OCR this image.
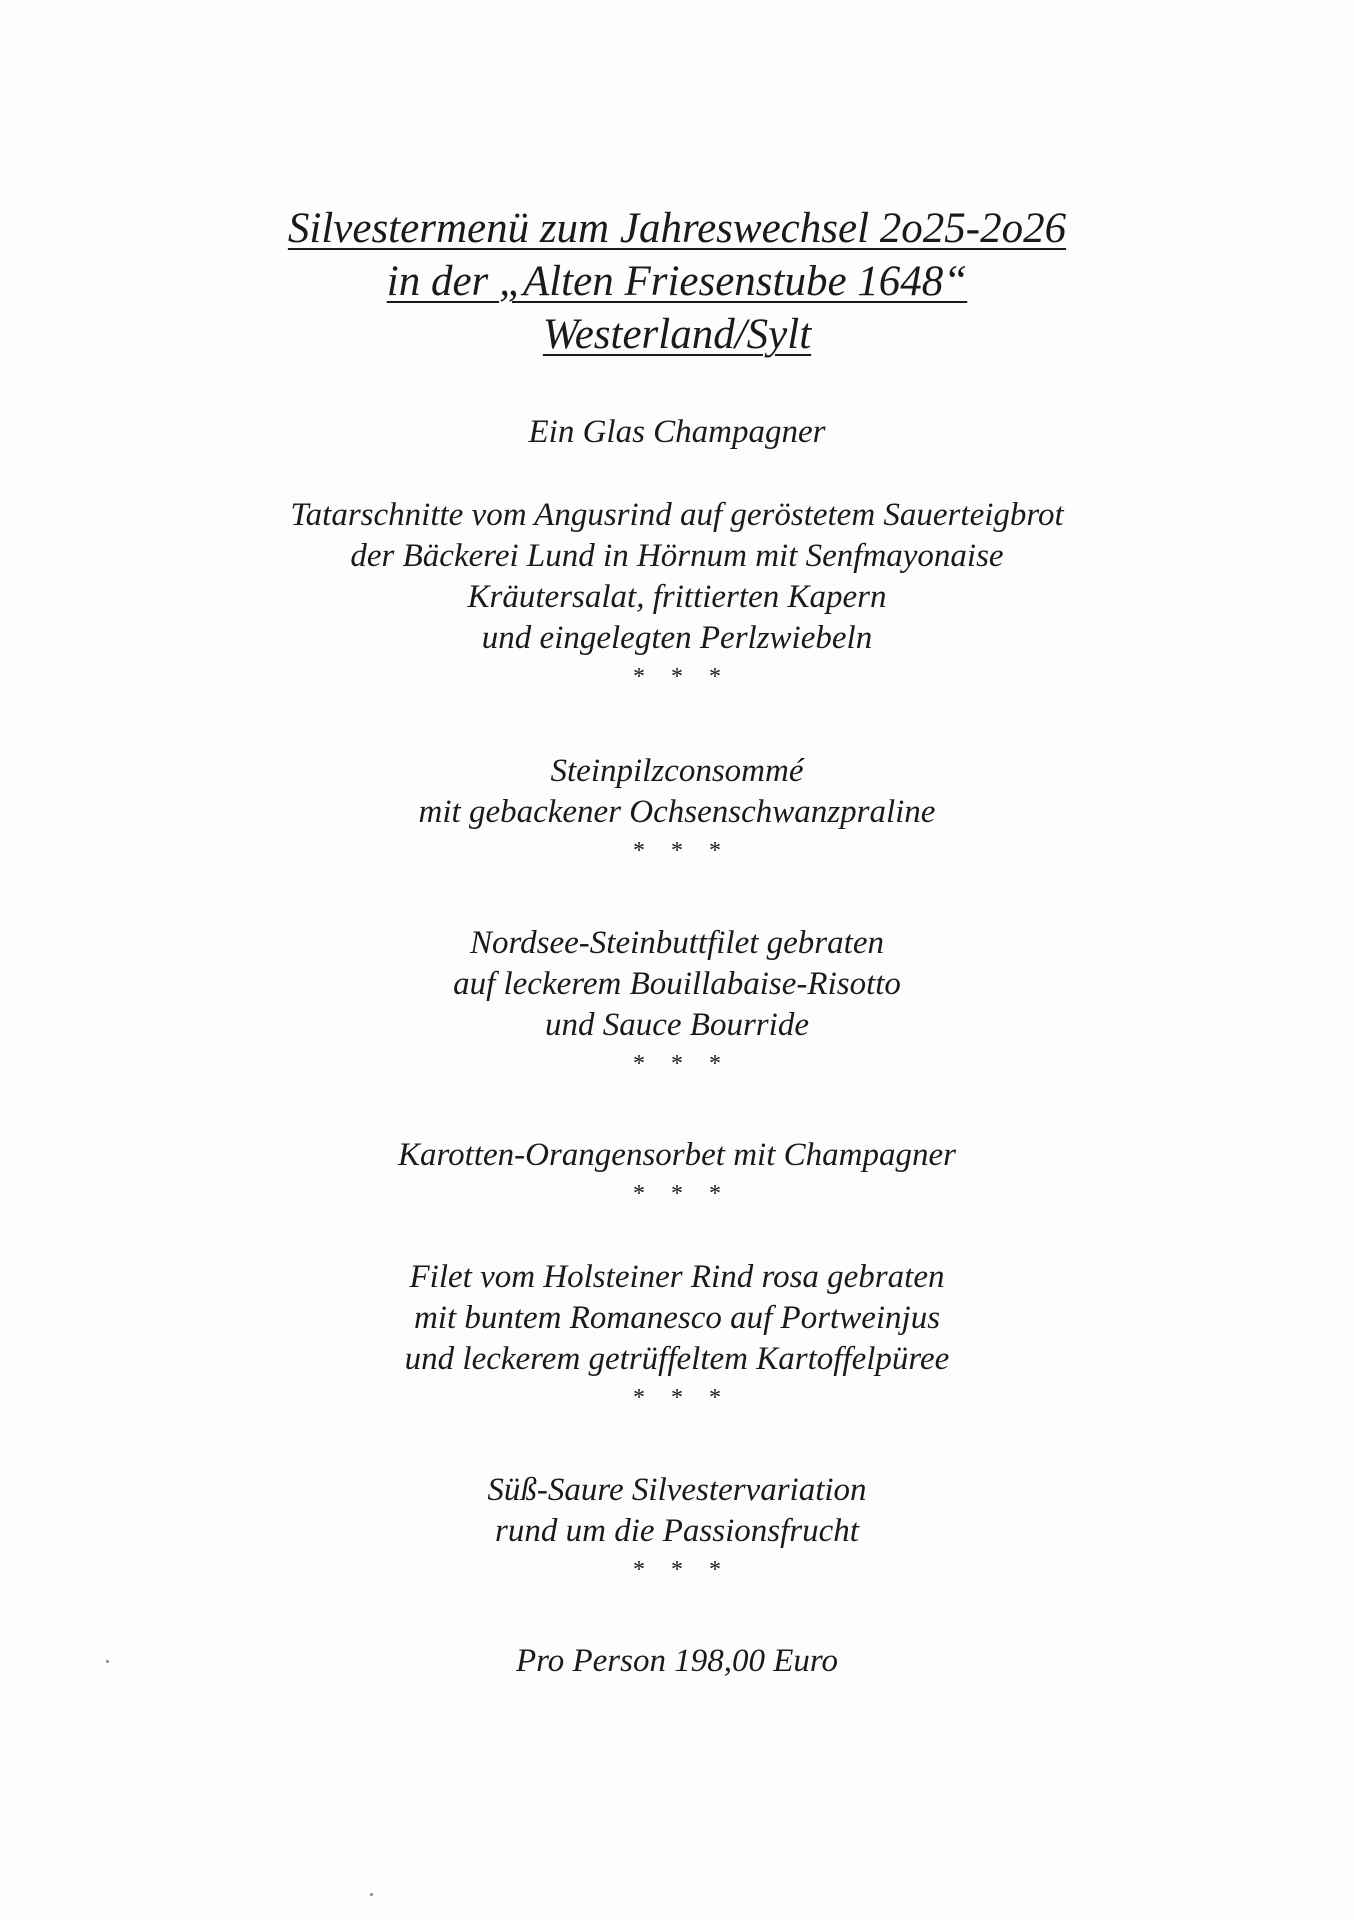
Silvestermenü zum Jahreswechsel 2o25-2o26
in der „Alten Friesenstube 1648“
Westerland/Sylt
Ein Glas Champagner
Tatarschnitte vom Angusrind auf geröstetem Sauerteigbrot
der Bäckerei Lund in Hörnum mit Senfmayonaise
Kräutersalat, frittierten Kapern
und eingelegten Perlzwiebeln
* * *
Steinpilzconsommé
mit gebackener Ochsenschwanzpraline
* * *
Nordsee-Steinbuttfilet gebraten
auf leckerem Bouillabaise-Risotto
und Sauce Bourride
* * *
Karotten-Orangensorbet mit Champagner
* * *
Filet vom Holsteiner Rind rosa gebraten
mit buntem Romanesco auf Portweinjus
und leckerem getrüffeltem Kartoffelpüree
* * *
Süß-Saure Silvestervariation
rund um die Passionsfrucht
* * *
Pro Person 198,00 Euro
